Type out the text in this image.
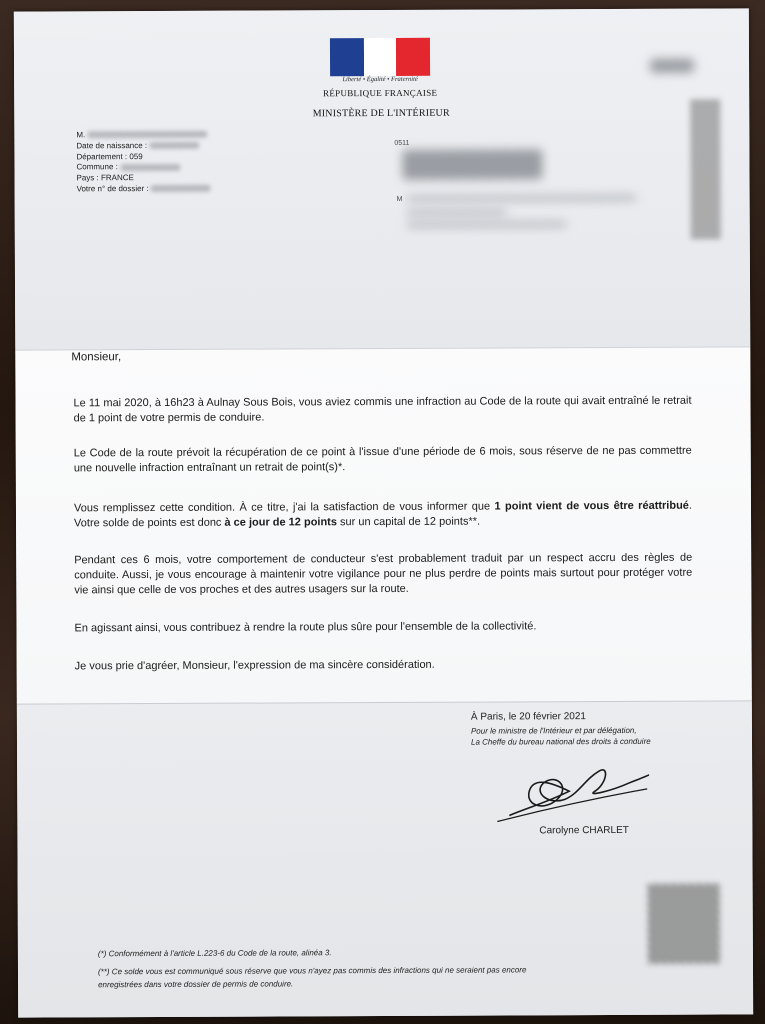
Liberté • Égalité • Fraternité
RÉPUBLIQUE FRANÇAISE
MINISTÈRE DE L'INTÉRIEUR
M.
Date de naissance :
Département : 059
Commune :
Pays : FRANCE
Votre n° de dossier :
0511
M
Monsieur,

Le 11 mai 2020, à 16h23 à Aulnay Sous Bois, vous aviez commis une infraction au Code de la route qui avait entraîné le retrait de 1 point de votre permis de conduire.

Le Code de la route prévoit la récupération de ce point à l'issue d'une période de 6 mois, sous réserve de ne pas commettre une nouvelle infraction entraînant un retrait de point(s)*.

Vous remplissez cette condition. À ce titre, j'ai la satisfaction de vous informer que 1 point vient de vous être réattribué. Votre solde de points est donc à ce jour de 12 points sur un capital de 12 points**.

Pendant ces 6 mois, votre comportement de conducteur s'est probablement traduit par un respect accru des règles de conduite. Aussi, je vous encourage à maintenir votre vigilance pour ne plus perdre de points mais surtout pour protéger votre vie ainsi que celle de vos proches et des autres usagers sur la route.

En agissant ainsi, vous contribuez à rendre la route plus sûre pour l'ensemble de la collectivité.

Je vous prie d'agréer, Monsieur, l'expression de ma sincère considération.

À Paris, le 20 février 2021
Pour le ministre de l'Intérieur et par délégation,
La Cheffe du bureau national des droits à conduire
Carolyne CHARLET
(*) Conformément à l'article L.223-6 du Code de la route, alinéa 3.
(**) Ce solde vous est communiqué sous réserve que vous n'ayez pas commis des infractions qui ne seraient pas encore enregistrées dans votre dossier de permis de conduire.
